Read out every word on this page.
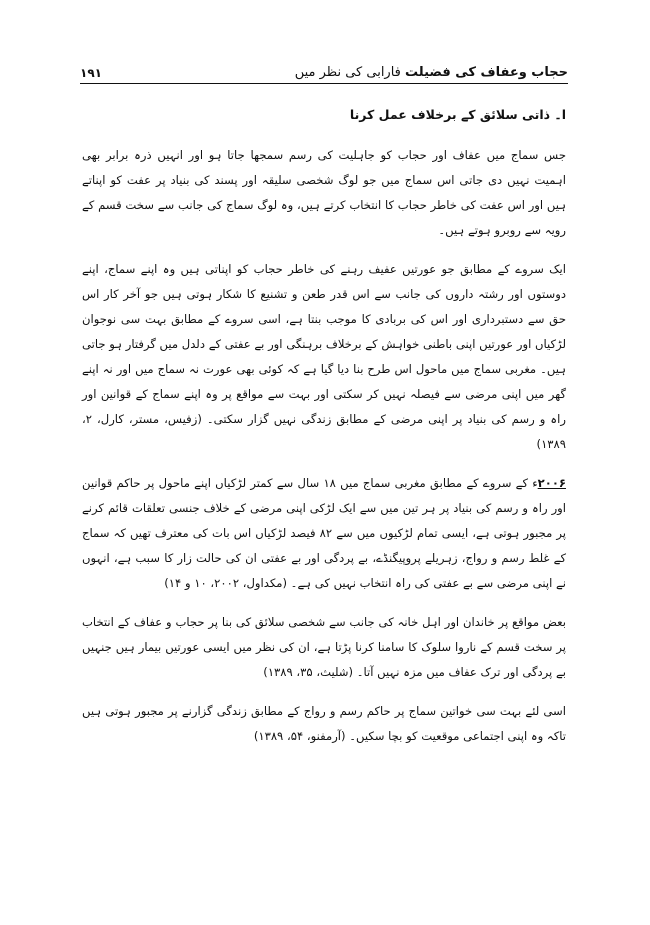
حجاب وعفاف کی فضیلت فارابی کی نظر میں
۱۹۱
ا۔ ذاتی سلائق کے برخلاف عمل کرنا

جس سماج میں عفاف اور حجاب کو جاہلیت کی رسم سمجھا جاتا ہو اور انہیں ذرہ برابر بھی اہمیت نہیں دی جاتی اس سماج میں جو لوگ شخصی سلیقہ اور پسند کی بنیاد پر عفت کو اپناتے ہیں اور اس عفت کی خاطر حجاب کا انتخاب کرتے ہیں، وہ لوگ سماج کی جانب سے سخت قسم کے رویہ سے روبرو ہوتے ہیں۔

ایک سروے کے مطابق جو عورتیں عفیف رہنے کی خاطر حجاب کو اپناتی ہیں وہ اپنے سماج، اپنے دوستوں اور رشتہ داروں کی جانب سے اس قدر طعن و تشنیع کا شکار ہوتی ہیں جو آخر کار اس حق سے دستبرداری اور اس کی بربادی کا موجب بنتا ہے، اسی سروے کے مطابق بہت سی نوجوان لڑکیاں اور عورتیں اپنی باطنی خواہش کے برخلاف برہنگی اور بے عفتی کے دلدل میں گرفتار ہو جاتی ہیں۔ مغربی سماج میں ماحول اس طرح بنا دیا گیا ہے کہ کوئی بھی عورت نہ سماج میں اور نہ اپنے گھر میں اپنی مرضی سے فیصلہ نہیں کر سکتی اور بہت سے مواقع پر وہ اپنے سماج کے قوانین اور راہ و رسم کی بنیاد پر اپنی مرضی کے مطابق زندگی نہیں گزار سکتی۔ (زفیس، مستر، کارل، ۲، ۱۳۸۹)

۲۰۰۶ء کے سروے کے مطابق مغربی سماج میں ۱۸ سال سے کمتر لڑکیاں اپنے ماحول پر حاکم قوانین اور راہ و رسم کی بنیاد پر ہر تین میں سے ایک لڑکی اپنی مرضی کے خلاف جنسی تعلقات قائم کرنے پر مجبور ہوتی ہے، ایسی تمام لڑکیوں میں سے ۸۲ فیصد لڑکیاں اس بات کی معترف تھیں کہ سماج کے غلط رسم و رواج، زہریلے پروپیگنڈے، بے پردگی اور بے عفتی ان کی حالت زار کا سبب ہے، انہوں نے اپنی مرضی سے بے عفتی کی راہ انتخاب نہیں کی ہے۔ (مکداول، ۲۰۰۲، ۱۰ و ۱۴)

بعض مواقع پر خاندان اور اہل خانہ کی جانب سے شخصی سلائق کی بنا پر حجاب و عفاف کے انتخاب پر سخت قسم کے ناروا سلوک کا سامنا کرنا پڑتا ہے، ان کی نظر میں ایسی عورتیں بیمار ہیں جنہیں بے پردگی اور ترک عفاف میں مزہ نہیں آتا۔ (شلیث، ۳۵، ۱۳۸۹)

اسی لئے بہت سی خواتین سماج پر حاکم رسم و رواج کے مطابق زندگی گزارنے پر مجبور ہوتی ہیں تاکہ وہ اپنی اجتماعی موقعیت کو بچا سکیں۔ (آرمفنو، ۵۴، ۱۳۸۹)
